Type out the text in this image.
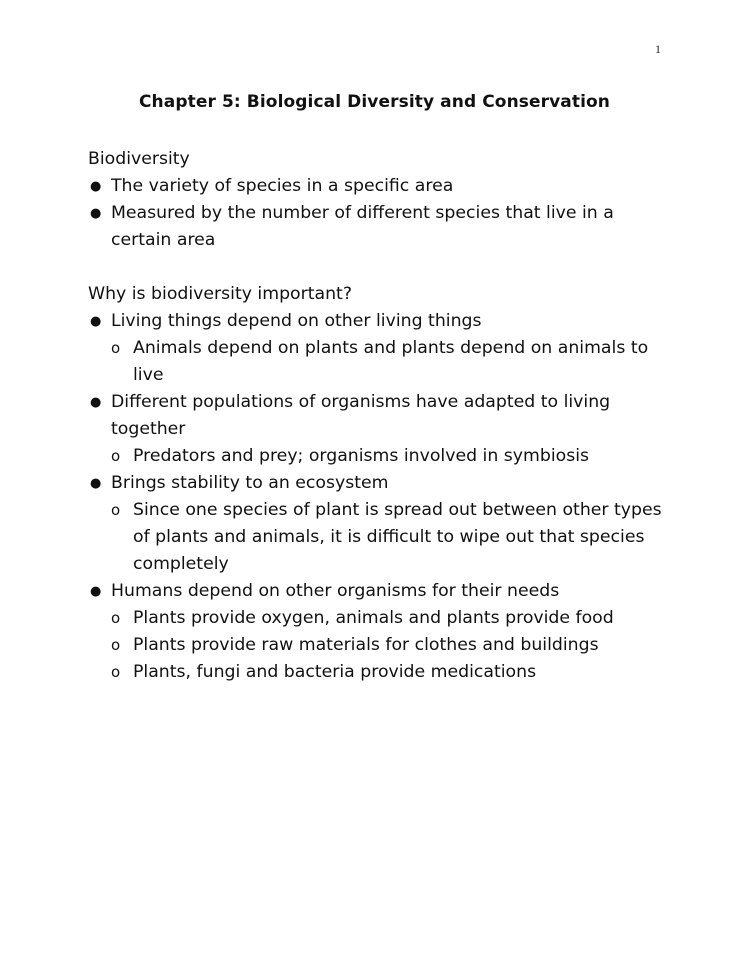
1
Chapter 5: Biological Diversity and Conservation

Biodiversity

● The variety of species in a specific area
● Measured by the number of different species that live in a certain area

Why is biodiversity important?

● Living things depend on other living things
o Animals depend on plants and plants depend on animals to live
● Different populations of organisms have adapted to living together
o Predators and prey; organisms involved in symbiosis
● Brings stability to an ecosystem
o Since one species of plant is spread out between other types of plants and animals, it is difficult to wipe out that species completely
● Humans depend on other organisms for their needs
o Plants provide oxygen, animals and plants provide food
o Plants provide raw materials for clothes and buildings
o Plants, fungi and bacteria provide medications
